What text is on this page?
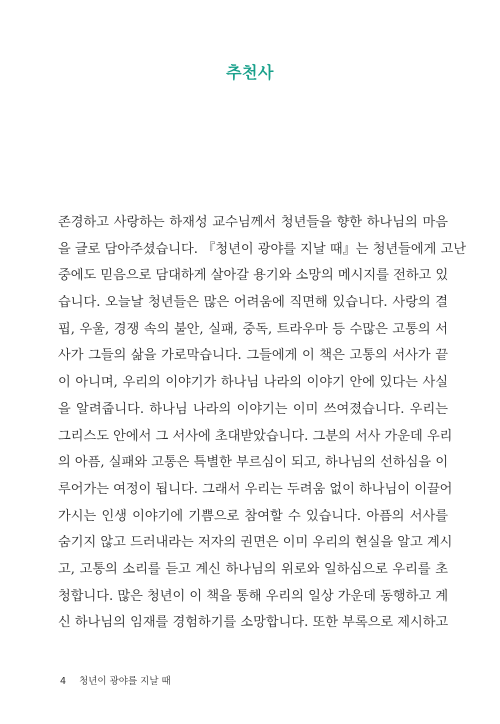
추천사
존경하고 사랑하는 하재성 교수님께서 청년들을 향한 하나님의 마음
을 글로 담아주셨습니다. 『청년이 광야를 지날 때』는 청년들에게 고난
중에도 믿음으로 담대하게 살아갈 용기와 소망의 메시지를 전하고 있
습니다. 오늘날 청년들은 많은 어려움에 직면해 있습니다. 사랑의 결
핍, 우울, 경쟁 속의 불안, 실패, 중독, 트라우마 등 수많은 고통의 서
사가 그들의 삶을 가로막습니다. 그들에게 이 책은 고통의 서사가 끝
이 아니며, 우리의 이야기가 하나님 나라의 이야기 안에 있다는 사실
을 알려줍니다. 하나님 나라의 이야기는 이미 쓰여졌습니다. 우리는
그리스도 안에서 그 서사에 초대받았습니다. 그분의 서사 가운데 우리
의 아픔, 실패와 고통은 특별한 부르심이 되고, 하나님의 선하심을 이
루어가는 여정이 됩니다. 그래서 우리는 두려움 없이 하나님이 이끌어
가시는 인생 이야기에 기쁨으로 참여할 수 있습니다. 아픔의 서사를
숨기지 않고 드러내라는 저자의 권면은 이미 우리의 현실을 알고 계시
고, 고통의 소리를 듣고 계신 하나님의 위로와 일하심으로 우리를 초
청합니다. 많은 청년이 이 책을 통해 우리의 일상 가운데 동행하고 계
신 하나님의 임재를 경험하기를 소망합니다. 또한 부록으로 제시하고
4 청년이 광야를 지날 때
